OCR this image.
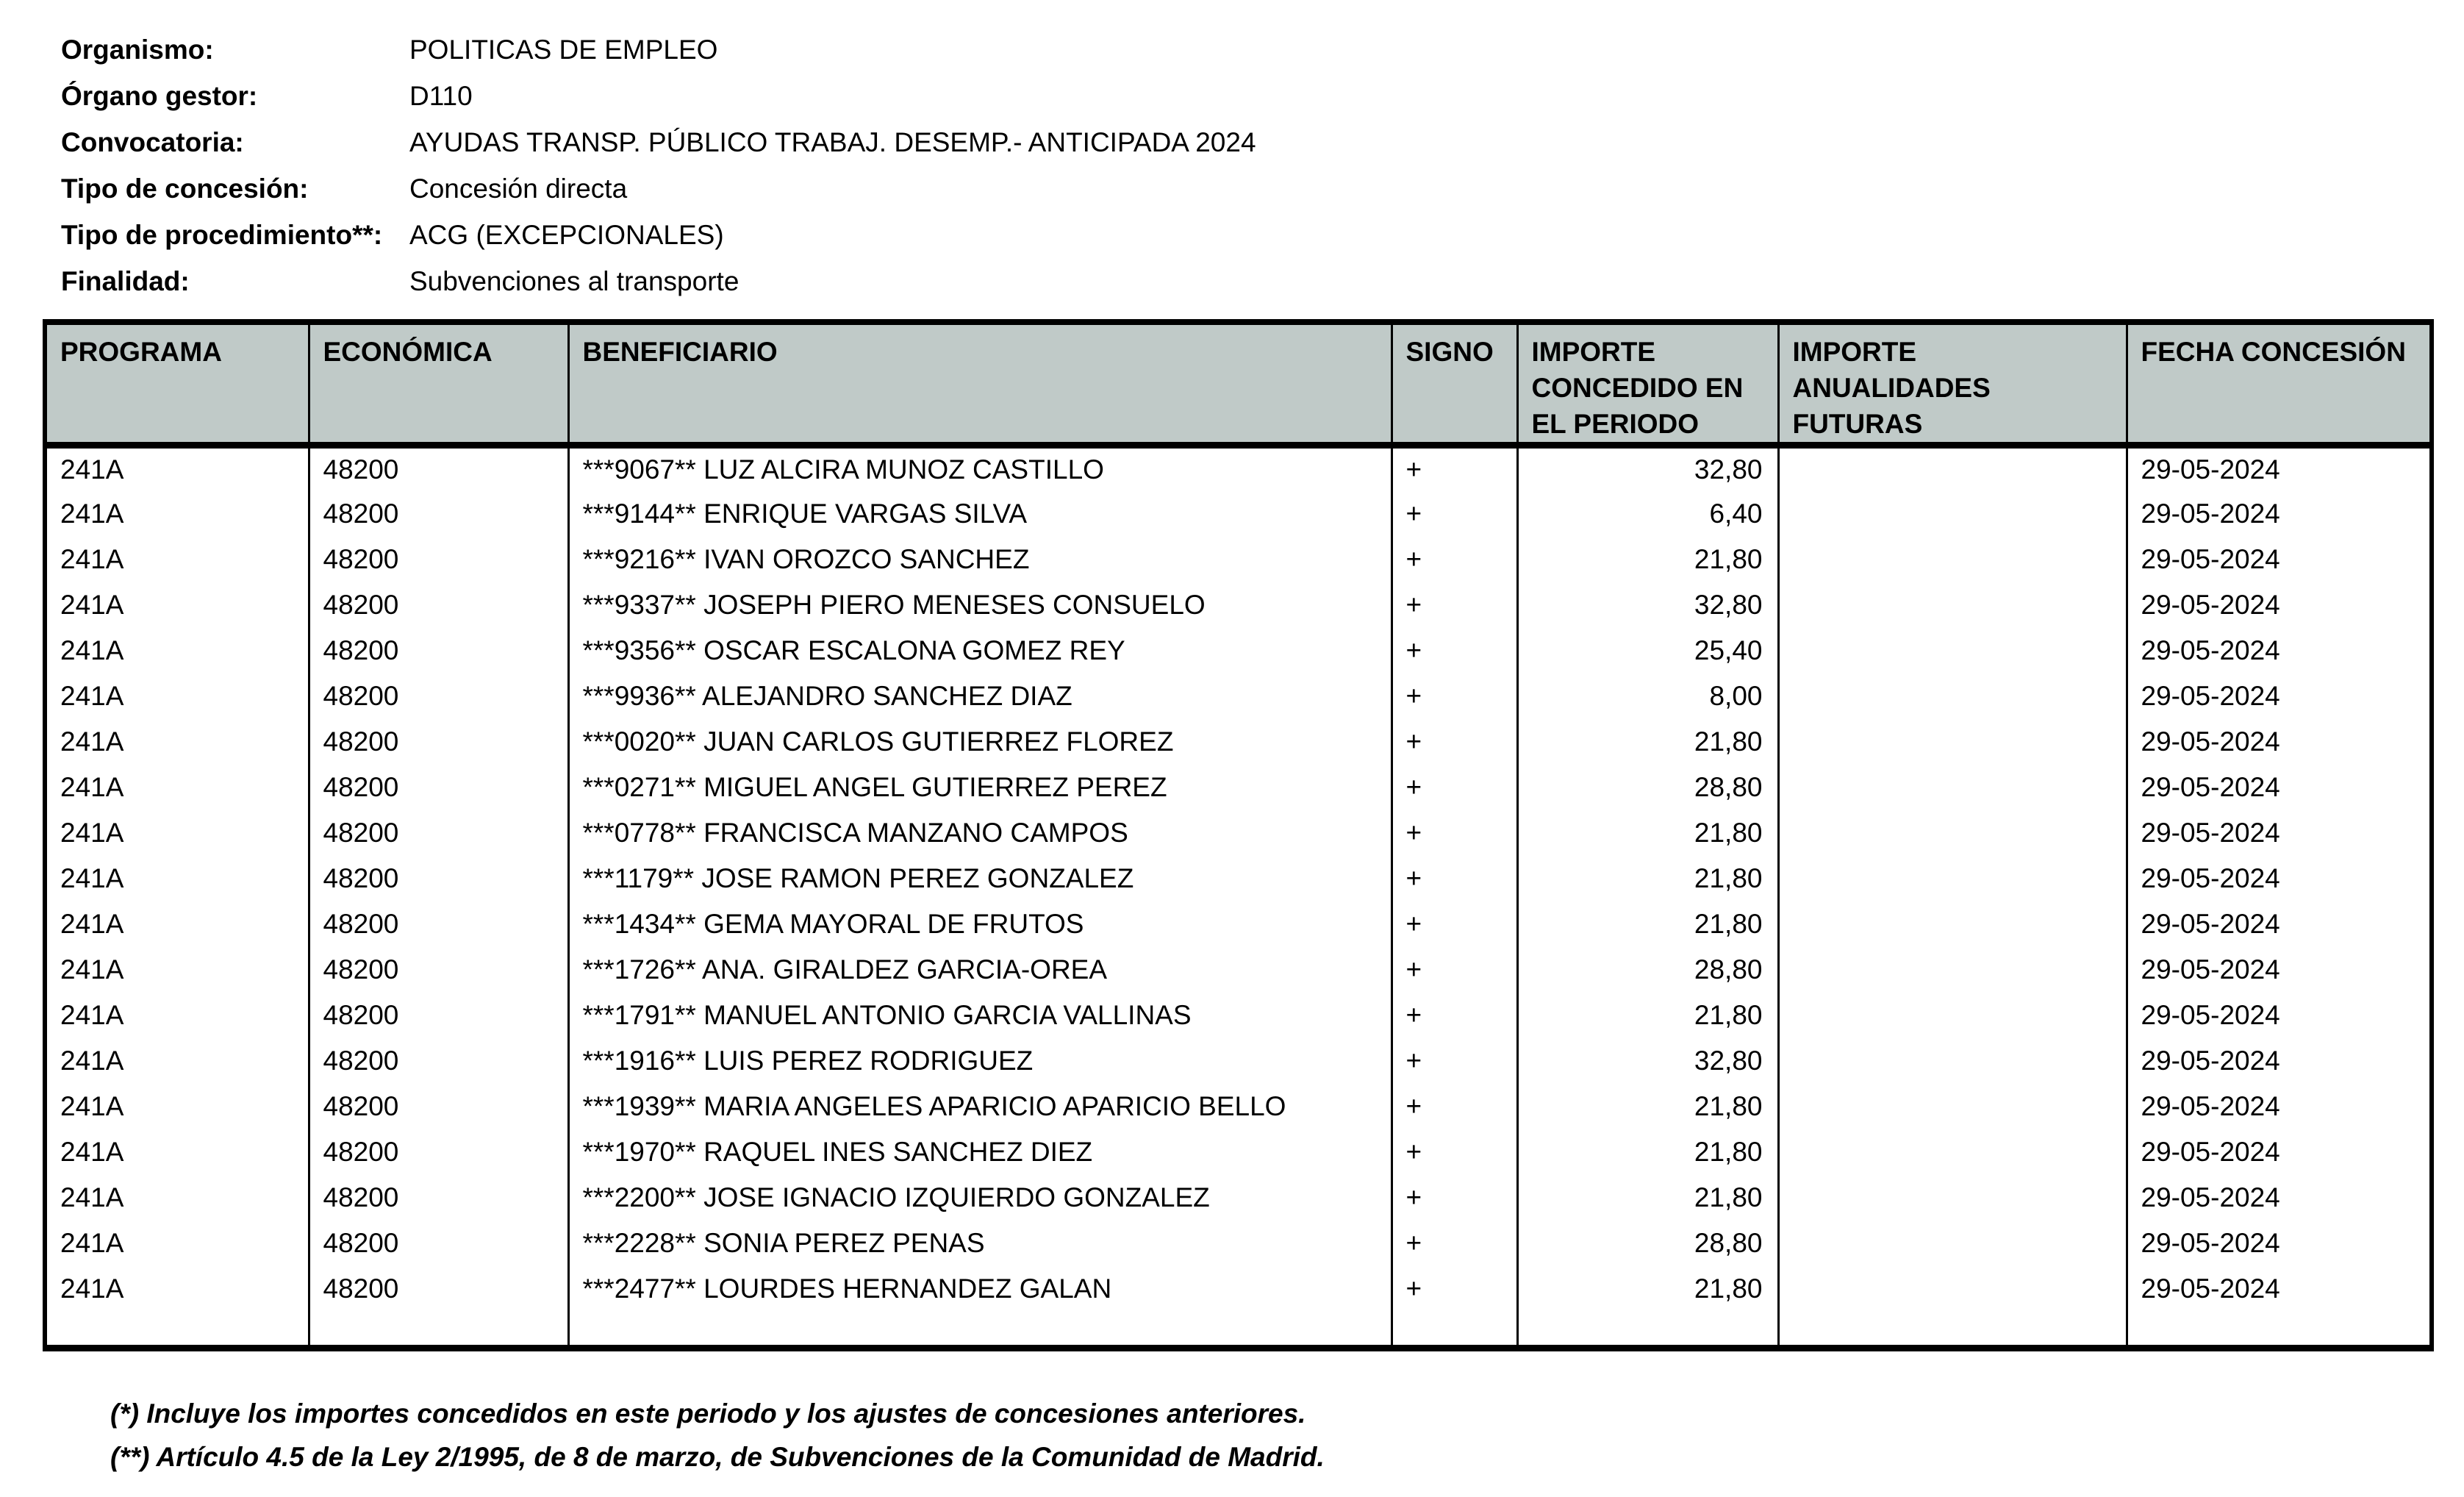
Organismo:	POLITICAS DE EMPLEO
Órgano gestor:	D110
Convocatoria:	AYUDAS TRANSP. PÚBLICO TRABAJ. DESEMP.- ANTICIPADA 2024
Tipo de concesión:	Concesión directa
Tipo de procedimiento**: ACG (EXCEPCIONALES)
Finalidad:	Subvenciones al transporte
PROGRAMA	ECONÓMICA	BENEFICIARIO	SIGNO	IMPORTE CONCEDIDO EN EL PERIODO	IMPORTE ANUALIDADES FUTURAS	FECHA CONCESIÓN
241A	48200	***9067** LUZ ALCIRA MUNOZ CASTILLO	+	32,80		29-05-2024
241A	48200	***9144** ENRIQUE VARGAS SILVA	+	6,40		29-05-2024
241A	48200	***9216** IVAN OROZCO SANCHEZ	+	21,80		29-05-2024
241A	48200	***9337** JOSEPH PIERO MENESES CONSUELO	+	32,80		29-05-2024
241A	48200	***9356** OSCAR ESCALONA GOMEZ REY	+	25,40		29-05-2024
241A	48200	***9936** ALEJANDRO SANCHEZ DIAZ	+	8,00		29-05-2024
241A	48200	***0020** JUAN CARLOS GUTIERREZ FLOREZ	+	21,80		29-05-2024
241A	48200	***0271** MIGUEL ANGEL GUTIERREZ PEREZ	+	28,80		29-05-2024
241A	48200	***0778** FRANCISCA MANZANO CAMPOS	+	21,80		29-05-2024
241A	48200	***1179** JOSE RAMON PEREZ GONZALEZ	+	21,80		29-05-2024
241A	48200	***1434** GEMA MAYORAL DE FRUTOS	+	21,80		29-05-2024
241A	48200	***1726** ANA. GIRALDEZ GARCIA-OREA	+	28,80		29-05-2024
241A	48200	***1791** MANUEL ANTONIO GARCIA VALLINAS	+	21,80		29-05-2024
241A	48200	***1916** LUIS PEREZ RODRIGUEZ	+	32,80		29-05-2024
241A	48200	***1939** MARIA ANGELES APARICIO APARICIO BELLO	+	21,80		29-05-2024
241A	48200	***1970** RAQUEL INES SANCHEZ DIEZ	+	21,80		29-05-2024
241A	48200	***2200** JOSE IGNACIO IZQUIERDO GONZALEZ	+	21,80		29-05-2024
241A	48200	***2228** SONIA PEREZ PENAS	+	28,80		29-05-2024
241A	48200	***2477** LOURDES HERNANDEZ GALAN	+	21,80		29-05-2024

(*) Incluye los importes concedidos en este periodo y los ajustes de concesiones anteriores.
(**) Artículo 4.5 de la Ley 2/1995, de 8 de marzo, de Subvenciones de la Comunidad de Madrid.
